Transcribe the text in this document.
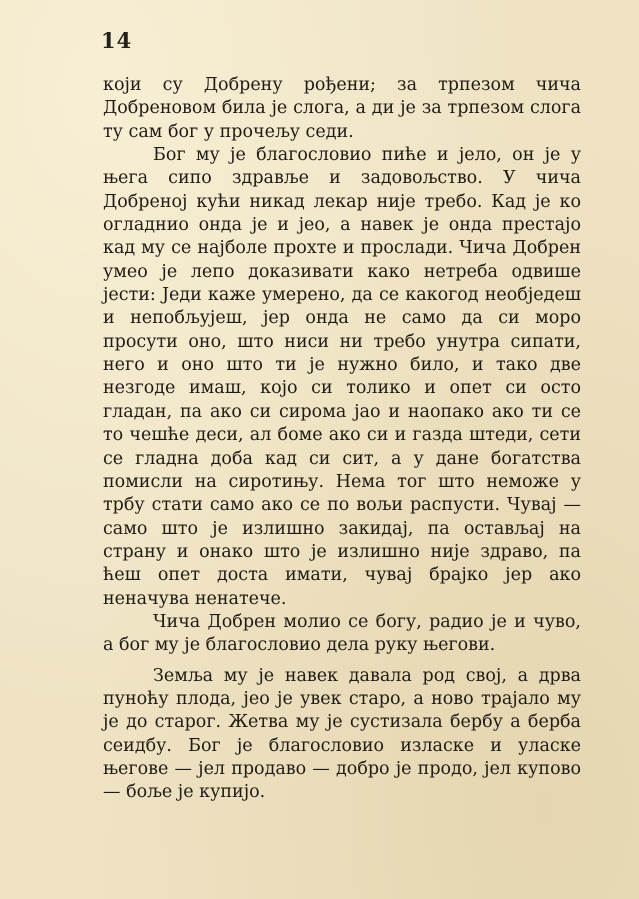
14

који су Добрену рођени; за трпезом чича Добреновом била је слога, а ди је за трпезом слога ту сам бог у прочељу седи.

Бог му је благословио пиће и јело, он је у њега сипо здравље и задовољство. У чича Добреној кући никад лекар није требо. Кад је ко огладнио онда је и јео, а навек је онда престајо кад му се најболе прохте и прослади. Чича Добрен умео је лепо доказивати како нетреба одвише јести: Једи каже умерено, да се какогод необједеш и непобљујеш, јер онда не само да си моро просути оно, што ниси ни требо унутра сипати, него и оно што ти је нужно било, и тако две незгоде имаш, којо си толико и опет си осто гладан, па ако си сирома јао и наопако ако ти се то чешће деси, ал боме ако си и газда штеди, сети се гладна доба кад си сит, а у дане богатства помисли на сиротињу. Нема тог што неможе у трбу стати само ако се по вољи распусти. Чувај — само што је излишно закидај, па остављај на страну и онако што је излишно није здраво, па ћеш опет доста имати, чувај брајко јер ако неначува ненатече.

Чича Добрен молио се богу, радио је и чуво, а бог му је благословио дела руку његови.

Земља му је навек давала род свој, а дрва пуноћу плода, јео је увек старо, а ново трајало му је до старог. Жетва му је сустизала бербу а берба сеидбу. Бог је благословио изласке и уласке његове — јел продаво — добро је продо, јел купово — боље је купијо.
